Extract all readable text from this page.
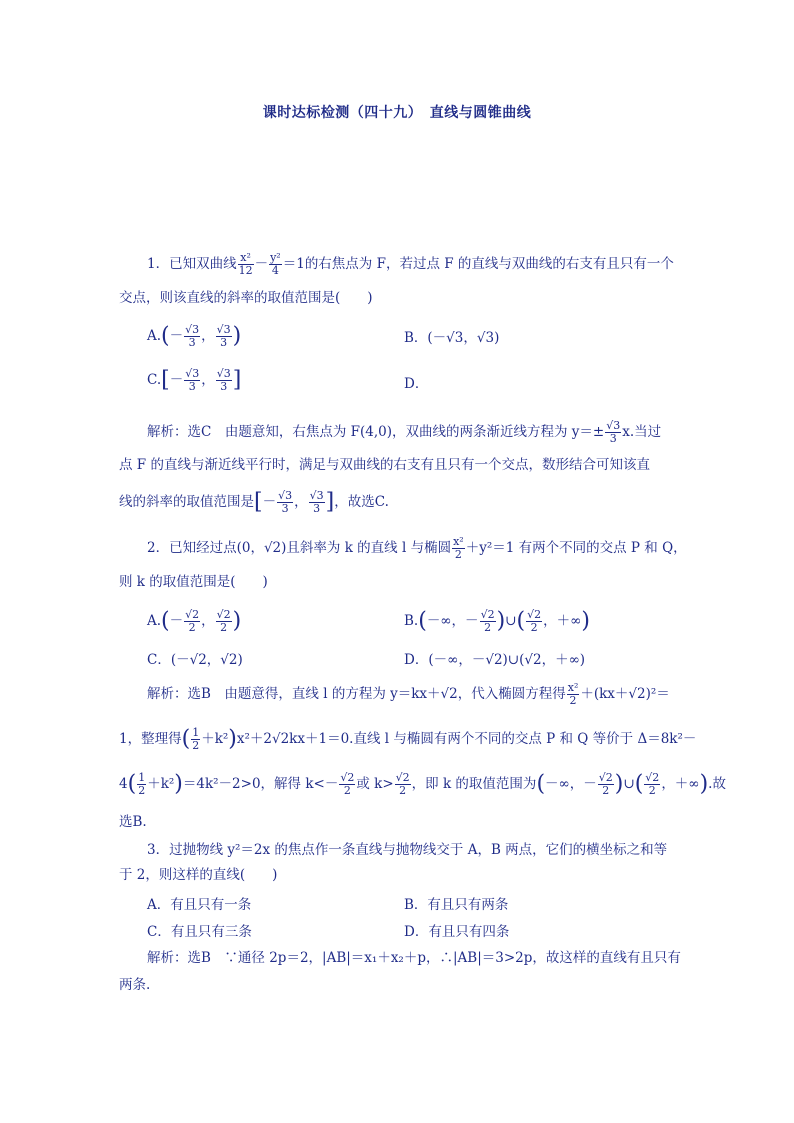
课时达标检测（四十九）　直线与圆锥曲线
1．已知双曲线 $\frac{\text{x²}}{12} - \frac{\text{y²}}{4} =1$的右焦点为 F，若过点 F 的直线与双曲线的右支有且只有一个
交点，则该直线的斜率的取值范围是(　　)
$A.(- \frac{√3}{3}$ ， $\frac{√3}{3}$ )	B．(－√3，√3)
$C.[- \frac{√3}{3}$ ， $\frac{√3}{3}$ ]	D．
解析：选C　由题意知，右焦点为 F(4,0)，双曲线的两条渐近线方程为 $y=\pm \frac{√3}{3} x$.当过
点 F 的直线与渐近线平行时，满足与双曲线的右支有且只有一个交点，数形结合可知该直
线的斜率的取值范围是[－ $\frac{√3}{3}$ ， $\frac{√3}{3}$ ]，故选C.
2．已知经过点(0，√2)且斜率为 k 的直线 l 与椭圆 $\frac{\text{x²}}{2} +y^2=1$ 有两个不同的交点 P 和 Q，
则 k 的取值范围是(　　)
$A.(- \frac{√2}{2}$ ， $\frac{√2}{2}$ )	B.(－∞，－ $\frac{√2}{2}$ )∪( $\frac{√2}{2}$ ，＋∞)
C．(－√2，√2)	D．(－∞，－√2)∪(√2，＋∞)
解析：选B　由题意得，直线 l 的方程为 y＝kx＋√2，代入椭圆方程得 $\frac{\text{x²}}{2} +(kx+√2)^2=$
1，整理得( $\frac{1}{2} +k^2)x^2+2√2kx+1=0$.直线 l 与椭圆有两个不同的交点 P 和 Q 等价于 Δ＝8k²－
$4( \frac{1}{2} +k^2)=4k^2-2>0$，解得 $k<- \frac{√2}{2}$ 或 $k> \frac{√2}{2}$ ，即 k 的取值范围为(－∞，－ $\frac{√2}{2}$ )∪( $\frac{√2}{2}$ ，＋∞).故
选B.
3．过抛物线 y²＝2x 的焦点作一条直线与抛物线交于 A，B 两点，它们的横坐标之和等
于 2，则这样的直线(　　)
A．有且只有一条	B．有且只有两条
C．有且只有三条	D．有且只有四条
解析：选B　∵通径 2p＝2，|AB|＝x₁＋x₂＋p，∴|AB|＝3>2p，故这样的直线有且只有
两条.
